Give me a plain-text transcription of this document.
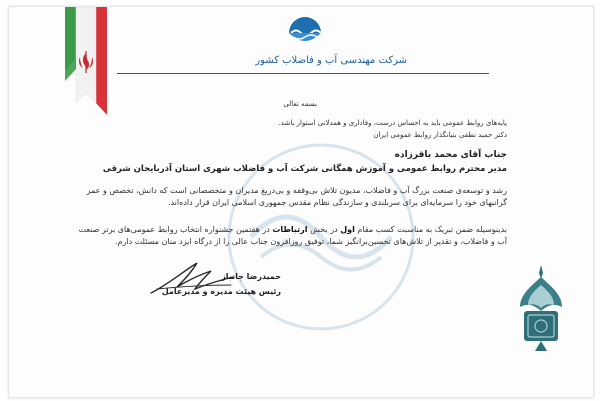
شرکت مهندسی آب و فاضلاب کشور
بسمه تعالی
پایه‌های روابط عمومی باید به احساس درست، وفاداری و همدلانی استوار باشد.
دکتر حمید نطقی بنیانگذار روابط عمومی ایران
جناب آقای محمد باقرزاده
مدیر محترم روابط عمومی و آموزش همگانی شرکت آب و فاضلاب شهری استان آذربایجان شرقی
رشد و توسعه‌ی صنعت بزرگ آب و فاضلاب، مدیون تلاش بی‌وقفه و بی‌دریغ مدیران و متخصصانی است که دانش، تخصص و عمر گرانبهای خود را سرمایه‌ای برای سربلندی و سازندگی نظام مقدس جمهوری اسلامی ایران قرار داده‌اند.
بدینوسیله ضمن تبریک به مناسبت کسب مقام اول در بخش ارتباطات در هفتمین جشنواره انتخاب روابط عمومی‌های برتر صنعت آب و فاضلاب، و تقدیر از تلاش‌های تحسین‌برانگیز شما، توفیق روزافزون جناب عالی را از درگاه ایزد منان مسئلت دارم.
حمیدرضا جانباز
رئیس هیئت مدیره و مدیرعامل
